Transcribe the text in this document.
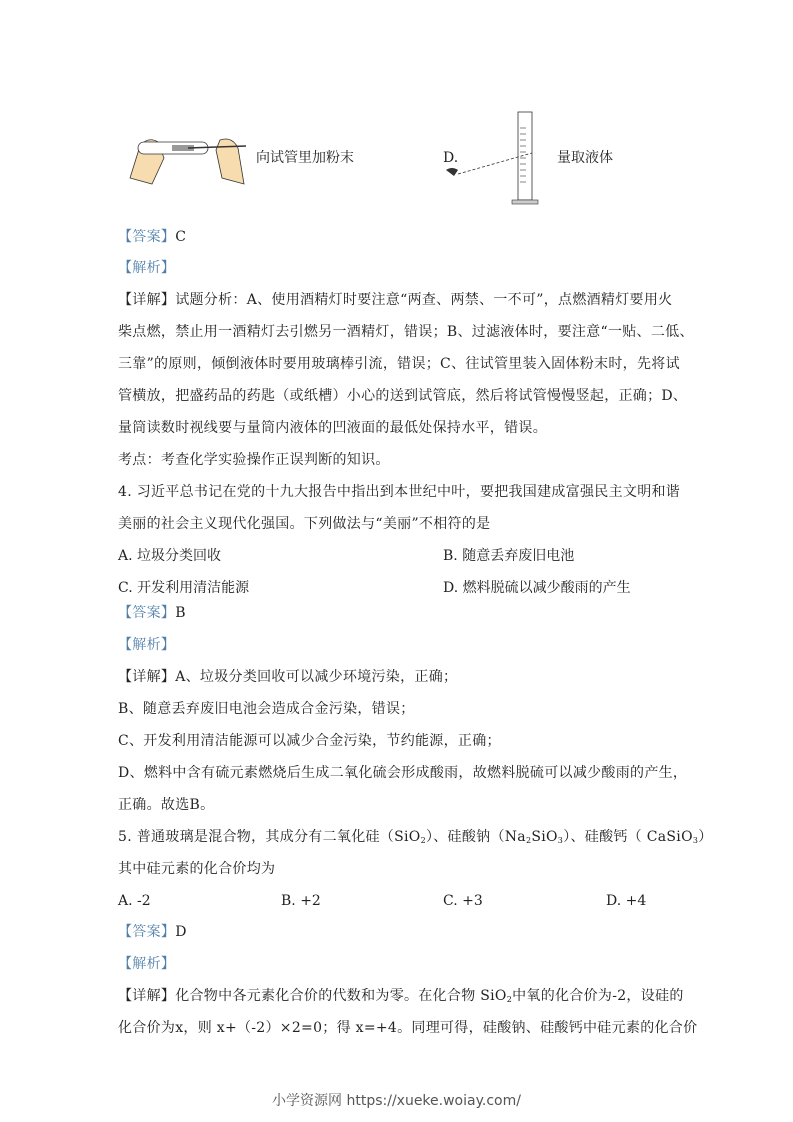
向试管里加粉末	D.	量取液体
【答案】C
【解析】
【详解】试题分析：A、使用酒精灯时要注意“两查、两禁、一不可”，点燃酒精灯要用火
柴点燃，禁止用一酒精灯去引燃另一酒精灯，错误；B、过滤液体时，要注意“一贴、二低、
三靠”的原则，倾倒液体时要用玻璃棒引流，错误；C、往试管里装入固体粉末时，先将试
管横放，把盛药品的药匙（或纸槽）小心的送到试管底，然后将试管慢慢竖起，正确；D、
量筒读数时视线要与量筒内液体的凹液面的最低处保持水平，错误。
考点：考查化学实验操作正误判断的知识。
4. 习近平总书记在党的十九大报告中指出到本世纪中叶，要把我国建成富强民主文明和谐
美丽的社会主义现代化强国。下列做法与“美丽”不相符的是
A. 垃圾分类回收	B. 随意丢弃废旧电池
C. 开发利用清洁能源	D. 燃料脱硫以减少酸雨的产生
【答案】B
【解析】
【详解】A、垃圾分类回收可以减少环境污染，正确；
B、随意丢弃废旧电池会造成合金污染，错误；
C、开发利用清洁能源可以减少合金污染，节约能源，正确；
D、燃料中含有硫元素燃烧后生成二氧化硫会形成酸雨，故燃料脱硫可以减少酸雨的产生，
正确。故选B。
5. 普通玻璃是混合物，其成分有二氧化硅（SiO$_2$）、硅酸钠$(Na_2SiO_3)$、硅酸钙（ CaSiO$_3$）
其中硅元素的化合价均为
A. -2	B. +2	C. +3	D. +4
【答案】D
【解析】
【详解】化合物中各元素化合价的代数和为零。在化合物 SiO$_2$中氧的化合价为-2，设硅的
化合价为x，则 x+（-2）×2=0；得 x=+4。同理可得，硅酸钠、硅酸钙中硅元素的化合价
小学资源网 https://xueke.woiay.com/
